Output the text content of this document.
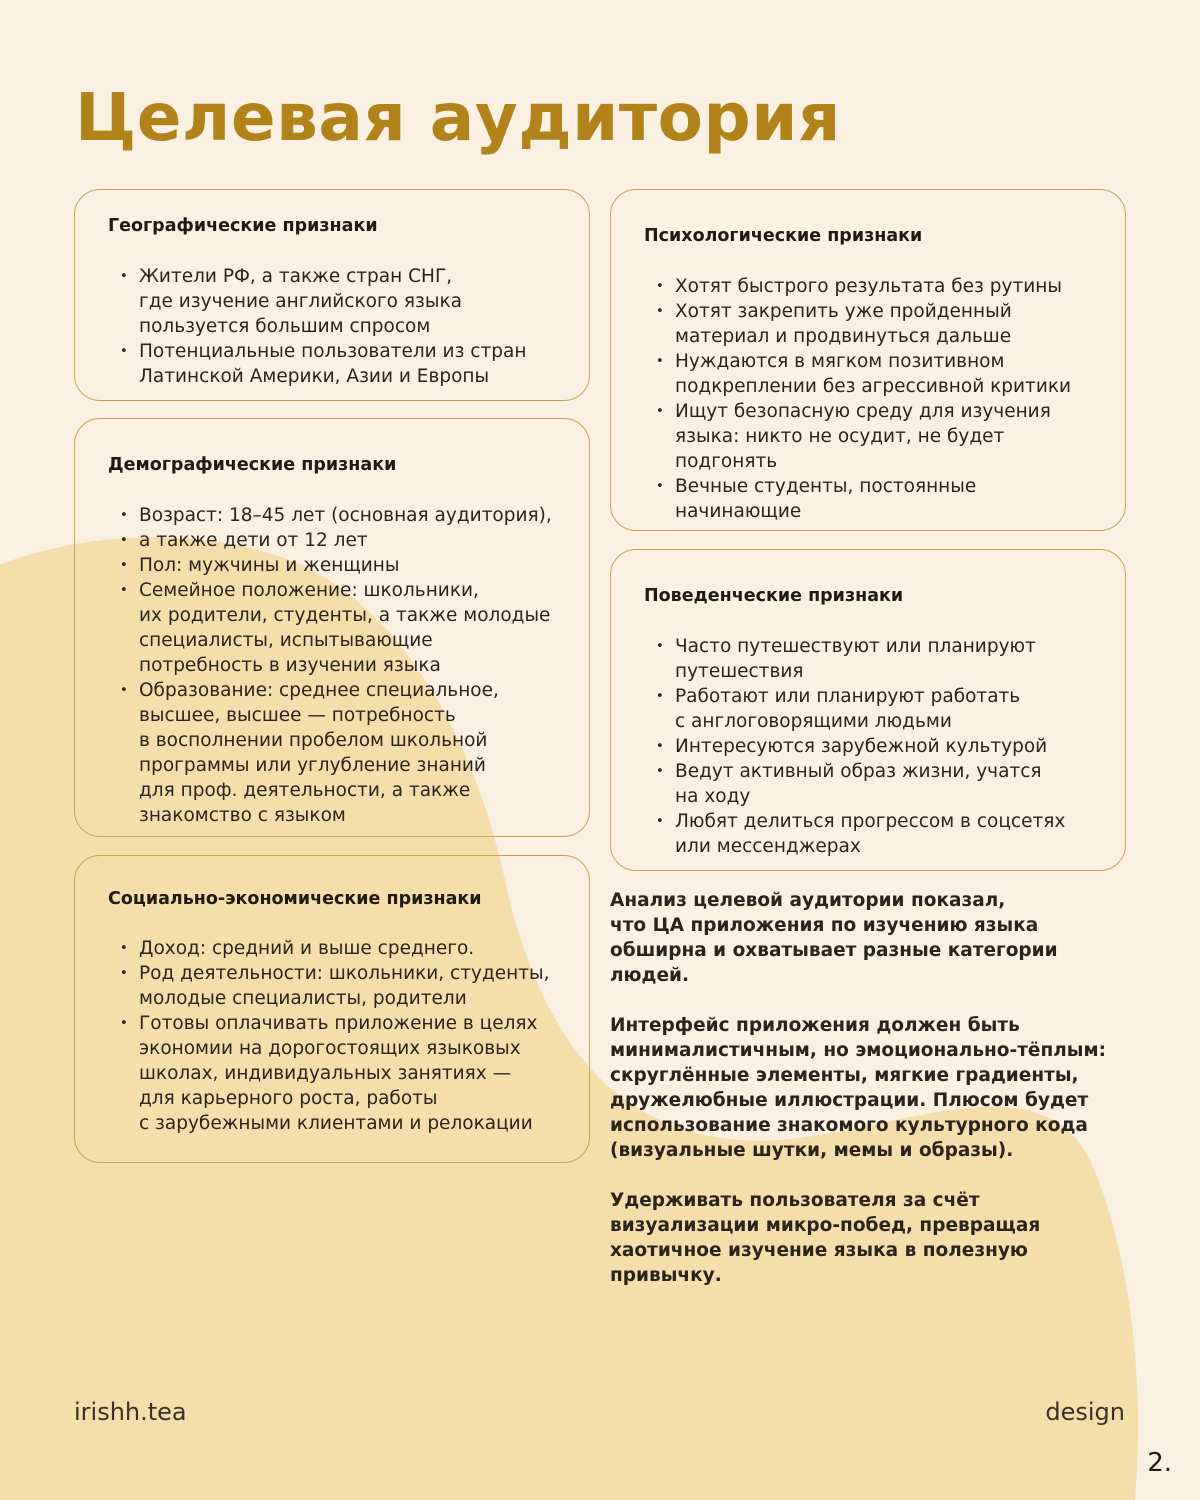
Целевая аудитория
Географические признаки
• Жители РФ, а также стран СНГ,
где изучение английского языка
пользуется большим спросом
• Потенциальные пользователи из стран
Латинской Америки, Азии и Европы
Демографические признаки
• Возраст: 18–45 лет (основная аудитория),
• а также дети от 12 лет
• Пол: мужчины и женщины
• Семейное положение: школьники,
их родители, студенты, а также молодые
специалисты, испытывающие
потребность в изучении языка
• Образование: среднее специальное,
высшее, высшее — потребность
в восполнении пробелом школьной
программы или углубление знаний
для проф. деятельности, а также
знакомство с языком
Социально-экономические признаки
• Доход: средний и выше среднего.
• Род деятельности: школьники, студенты,
молодые специалисты, родители
• Готовы оплачивать приложение в целях
экономии на дорогостоящих языковых
школах, индивидуальных занятиях —
для карьерного роста, работы
с зарубежными клиентами и релокации
Психологические признаки
• Хотят быстрого результата без рутины
• Хотят закрепить уже пройденный
материал и продвинуться дальше
• Нуждаются в мягком позитивном
подкреплении без агрессивной критики
• Ищут безопасную среду для изучения
языка: никто не осудит, не будет
подгонять
• Вечные студенты, постоянные
начинающие
Поведенческие признаки
• Часто путешествуют или планируют
путешествия
• Работают или планируют работать
с англоговорящими людьми
• Интересуются зарубежной культурой
• Ведут активный образ жизни, учатся
на ходу
• Любят делиться прогрессом в соцсетях
или мессенджерах

Анализ целевой аудитории показал,
что ЦА приложения по изучению языка
обширна и охватывает разные категории
людей.

Интерфейс приложения должен быть
минималистичным, но эмоционально-тёплым:
скруглённые элементы, мягкие градиенты,
дружелюбные иллюстрации. Плюсом будет
использование знакомого культурного кода
(визуальные шутки, мемы и образы).

Удерживать пользователя за счёт
визуализации микро-побед, превращая
хаотичное изучение языка в полезную
привычку.

irishh.tea	design
2.
